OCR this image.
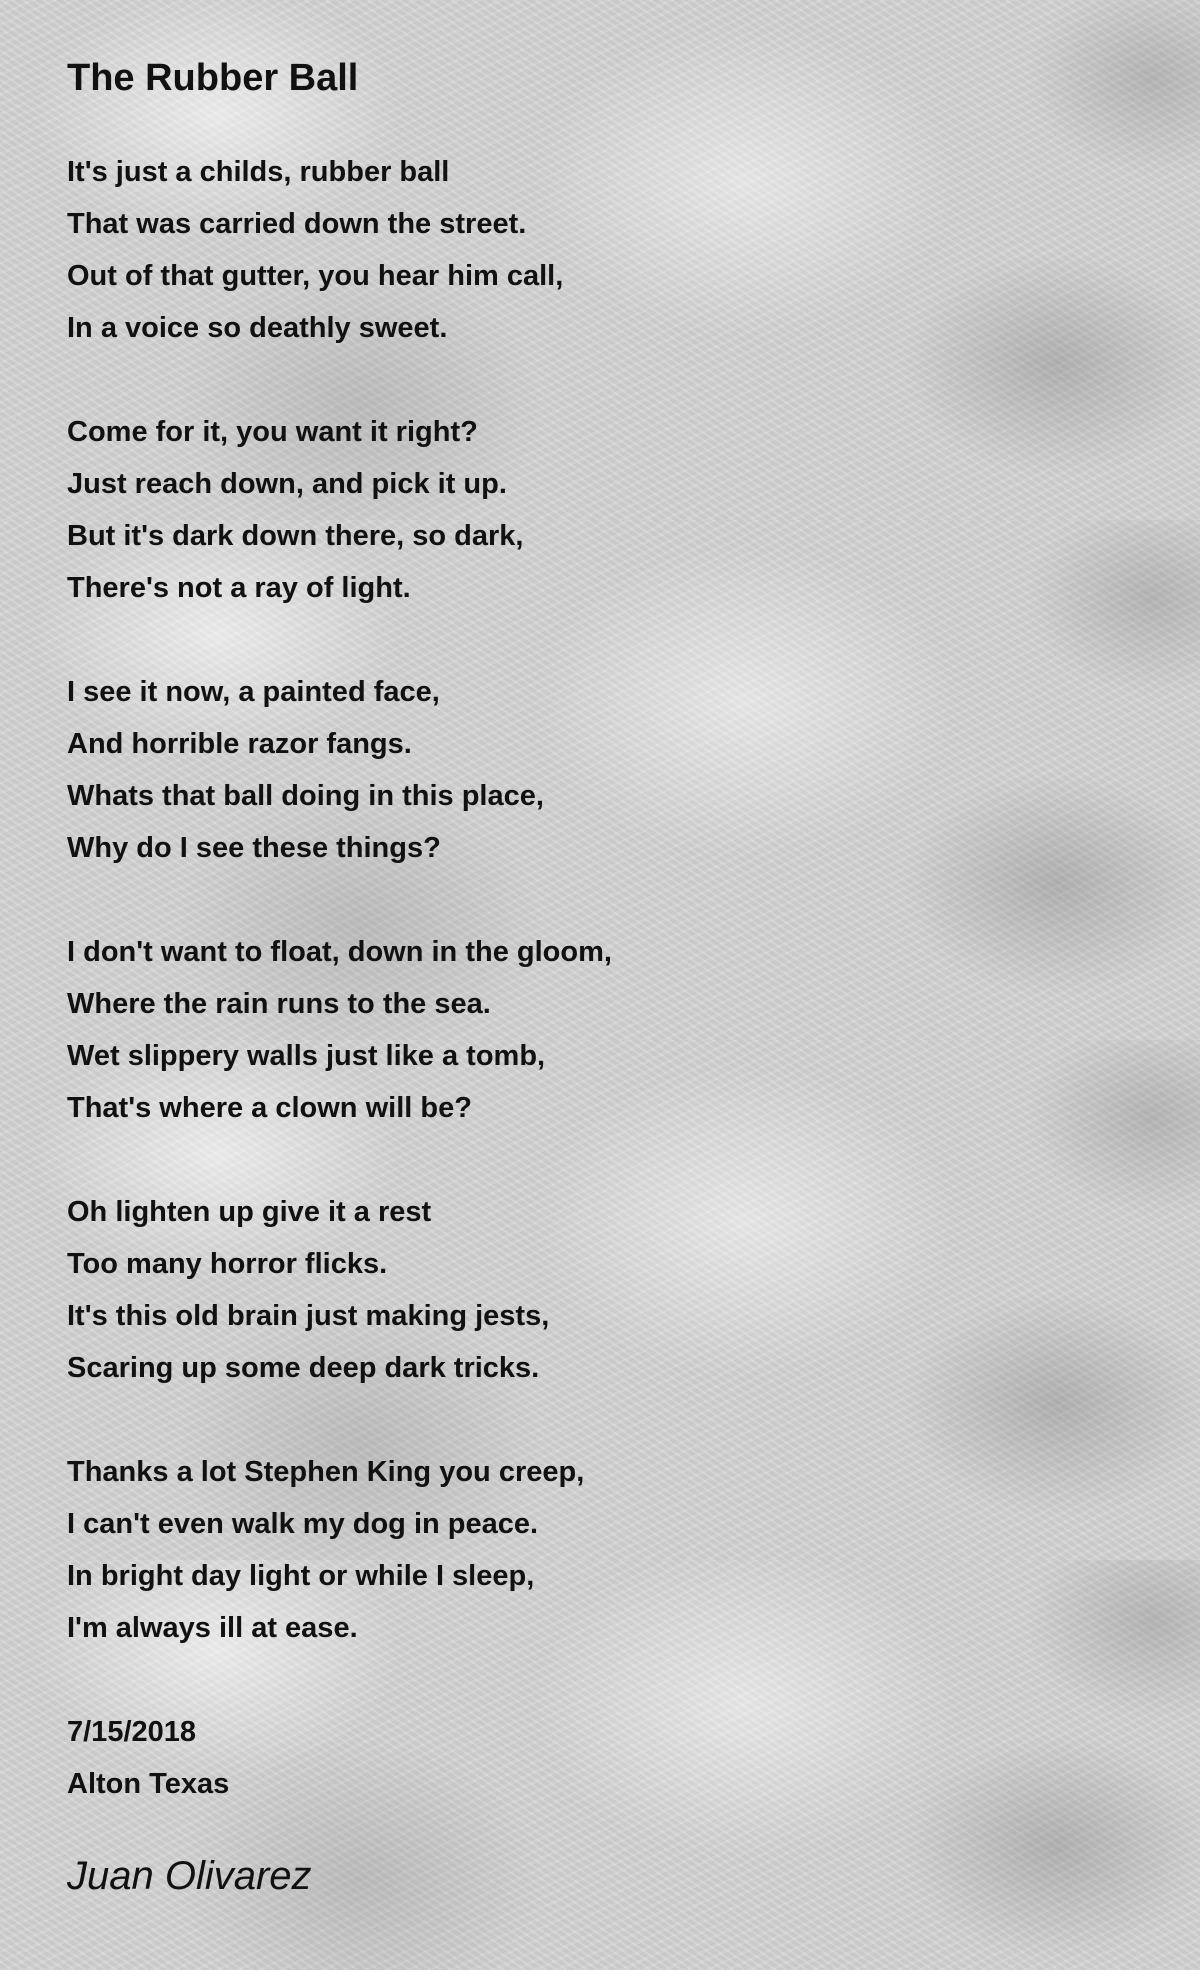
The Rubber Ball
It's just a childs, rubber ball
That was carried down the street.
Out of that gutter, you hear him call,
In a voice so deathly sweet.
Come for it, you want it right?
Just reach down, and pick it up.
But it's dark down there, so dark,
There's not a ray of light.
I see it now, a painted face,
And horrible razor fangs.
Whats that ball doing in this place,
Why do I see these things?
I don't want to float, down in the gloom,
Where the rain runs to the sea.
Wet slippery walls just like a tomb,
That's where a clown will be?
Oh lighten up give it a rest
Too many horror flicks.
It's this old brain just making jests,
Scaring up some deep dark tricks.
Thanks a lot Stephen King you creep,
I can't even walk my dog in peace.
In bright day light or while I sleep,
I'm always ill at ease.
7/15/2018
Alton Texas
Juan Olivarez
